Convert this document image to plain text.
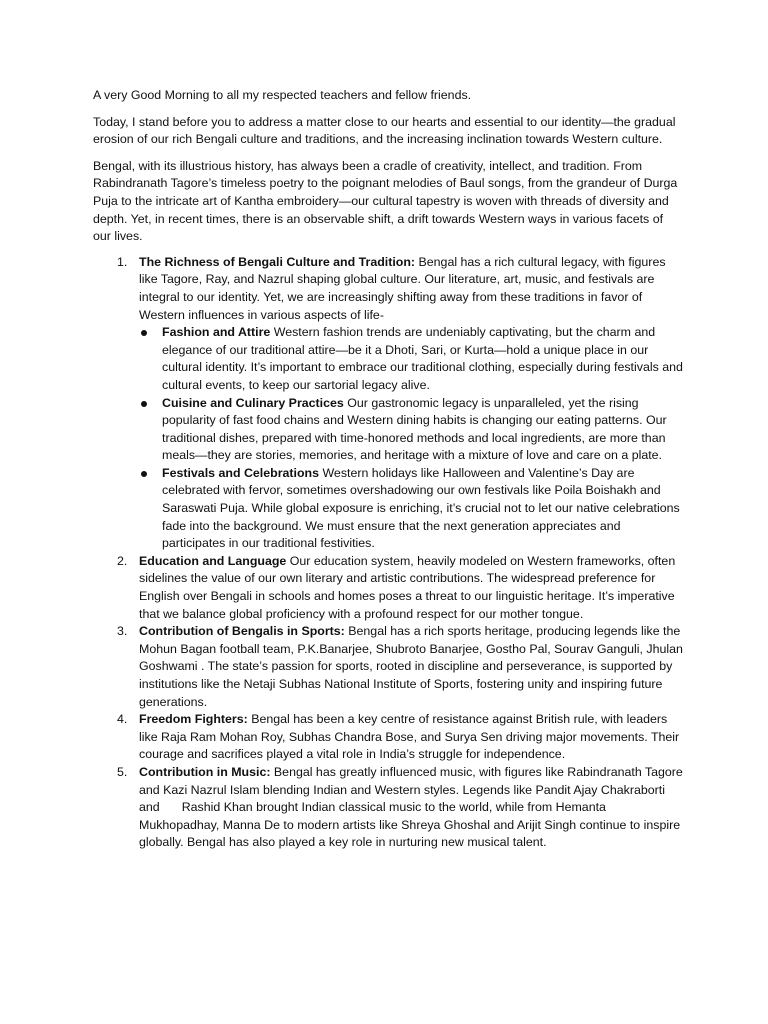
A very Good Morning to all my respected teachers and fellow friends.

Today, I stand before you to address a matter close to our hearts and essential to our identity—the gradual erosion of our rich Bengali culture and traditions, and the increasing inclination towards Western culture.

Bengal, with its illustrious history, has always been a cradle of creativity, intellect, and tradition. From Rabindranath Tagore’s timeless poetry to the poignant melodies of Baul songs, from the grandeur of Durga Puja to the intricate art of Kantha embroidery—our cultural tapestry is woven with threads of diversity and depth. Yet, in recent times, there is an observable shift, a drift towards Western ways in various facets of our lives.

1. The Richness of Bengali Culture and Tradition: Bengal has a rich cultural legacy, with figures like Tagore, Ray, and Nazrul shaping global culture. Our literature, art, music, and festivals are integral to our identity. Yet, we are increasingly shifting away from these traditions in favor of Western influences in various aspects of life-
Fashion and Attire Western fashion trends are undeniably captivating, but the charm and elegance of our traditional attire—be it a Dhoti, Sari, or Kurta—hold a unique place in our cultural identity. It’s important to embrace our traditional clothing, especially during festivals and cultural events, to keep our sartorial legacy alive.
Cuisine and Culinary Practices Our gastronomic legacy is unparalleled, yet the rising popularity of fast food chains and Western dining habits is changing our eating patterns. Our traditional dishes, prepared with time-honored methods and local ingredients, are more than meals—they are stories, memories, and heritage with a mixture of love and care on a plate.
Festivals and Celebrations Western holidays like Halloween and Valentine’s Day are celebrated with fervor, sometimes overshadowing our own festivals like Poila Boishakh and Saraswati Puja. While global exposure is enriching, it’s crucial not to let our native celebrations fade into the background. We must ensure that the next generation appreciates and participates in our traditional festivities.
2. Education and Language Our education system, heavily modeled on Western frameworks, often sidelines the value of our own literary and artistic contributions. The widespread preference for English over Bengali in schools and homes poses a threat to our linguistic heritage. It’s imperative that we balance global proficiency with a profound respect for our mother tongue.
3. Contribution of Bengalis in Sports: Bengal has a rich sports heritage, producing legends like the Mohun Bagan football team, P.K.Banarjee, Shubroto Banarjee, Gostho Pal, Sourav Ganguli, Jhulan Goshwami . The state’s passion for sports, rooted in discipline and perseverance, is supported by institutions like the Netaji Subhas National Institute of Sports, fostering unity and inspiring future generations.
4. Freedom Fighters: Bengal has been a key centre of resistance against British rule, with leaders like Raja Ram Mohan Roy, Subhas Chandra Bose, and Surya Sen driving major movements. Their courage and sacrifices played a vital role in India’s struggle for independence.
5. Contribution in Music: Bengal has greatly influenced music, with figures like Rabindranath Tagore and Kazi Nazrul Islam blending Indian and Western styles. Legends like Pandit Ajay Chakraborti and Rashid Khan brought Indian classical music to the world, while from Hemanta Mukhopadhay, Manna De to modern artists like Shreya Ghoshal and Arijit Singh continue to inspire globally. Bengal has also played a key role in nurturing new musical talent.
